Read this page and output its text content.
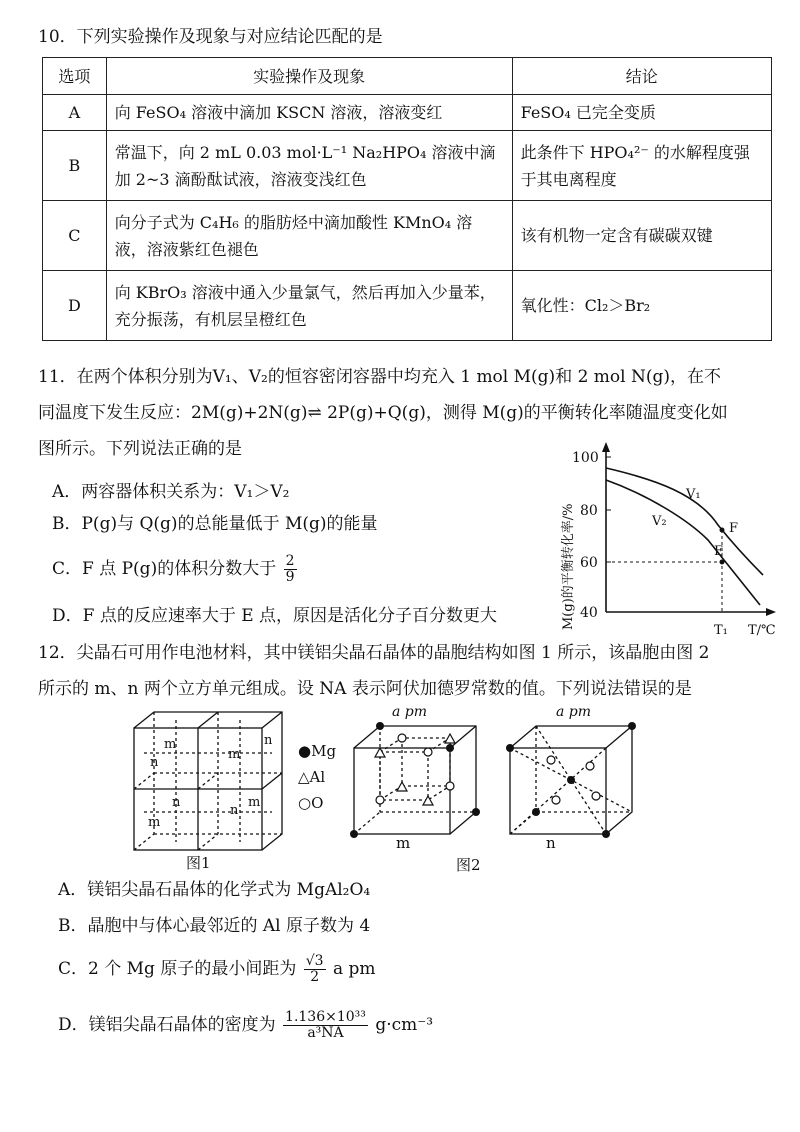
10．下列实验操作及现象与对应结论匹配的是
选项	实验操作及现象	结论
A	向 FeSO₄ 溶液中滴加 KSCN 溶液，溶液变红	FeSO₄ 已完全变质
B	常温下，向 2 mL 0.03 mol·L⁻¹ Na₂HPO₄ 溶液中滴加 2~3 滴酚酞试液，溶液变浅红色	此条件下 HPO₄²⁻ 的水解程度强于其电离程度
C	向分子式为 C₄H₆ 的脂肪烃中滴加酸性 KMnO₄ 溶液，溶液紫红色褪色	该有机物一定含有碳碳双键
D	向 KBrO₃ 溶液中通入少量氯气，然后再加入少量苯，充分振荡，有机层呈橙红色	氧化性：Cl₂＞Br₂
11．在两个体积分别为V₁、V₂的恒容密闭容器中均充入 1 mol M(g)和 2 mol N(g)，在不
同温度下发生反应：2M(g)+2N(g)⇌ 2P(g)+Q(g)，测得 M(g)的平衡转化率随温度变化如
图所示。下列说法正确的是
A．两容器体积关系为：V₁＞V₂
B．P(g)与 Q(g)的总能量低于 M(g)的能量
C．F 点 P(g)的体积分数大于 $\frac{2}{9}$
D．F 点的反应速率大于 E 点，原因是活化分子百分数更大	M(g)的平衡转化率/%
100
80
60
40
V₁
V₂	F
E
T₁ T/℃
12．尖晶石可用作电池材料，其中镁铝尖晶石晶体的晶胞结构如图 1 所示，该晶胞由图 2
所示的 m、n 两个立方单元组成。设 NA 表示阿伏加德罗常数的值。下列说法错误的是
m
m
n
n
n
n
m
m
图1
●Mg
△Al
○O
a pm
m
a pm
n
图2
A．镁铝尖晶石晶体的化学式为 MgAl₂O₄
B．晶胞中与体心最邻近的 Al 原子数为 4
C．2 个 Mg 原子的最小间距为 $\frac{√3}{2}$ a pm
D．镁铝尖晶石晶体的密度为 $\frac{\text{1.136×10³³}}{\text{a³NA}} g\cdot cm^{-3}$
